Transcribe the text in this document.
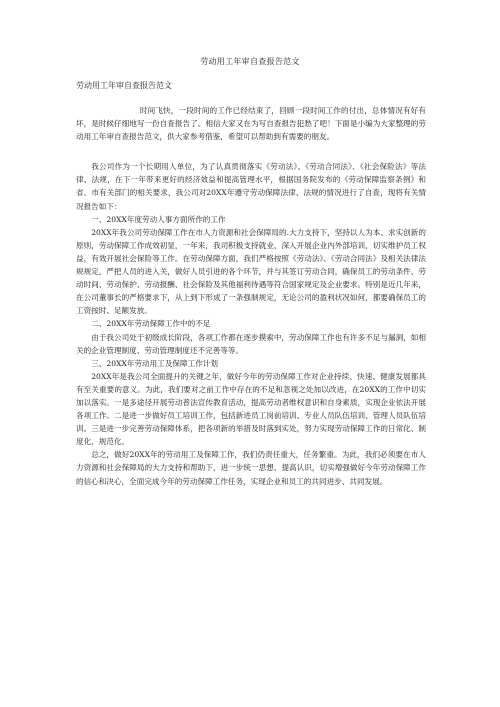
劳动用工年审自查报告范文
劳动用工年审自查报告范文

时间飞快，一段时间的工作已经结束了，回顾一段时间工作的付出，总体情况有好有坏，是时候仔细地写一份自查报告了。相信大家又在为写自查报告犯愁了吧！下面是小编为大家整理的劳动用工年审自查报告范文，供大家参考借鉴，希望可以帮助到有需要的朋友。

我公司作为一个长期用人单位，为了认真贯彻落实《劳动法》、《劳动合同法》、《社会保险法》等法律、法规，在下一年带来更好的经济效益和提高管理水平，根据国务院发布的《劳动保障监察条例》和省、市有关部门的相关要求，我公司对20XX年遵守劳动保障法律、法规的情况进行了自查，现将有关情况报告如下：

一、20XX年度劳动人事方面所作的工作

20XX年我公司劳动保障工作在市人力资源和社会保障局的.大力支持下，坚持以人为本、求实创新的原则，劳动保障工作成效初显，一年来，我司积极支持就业，深入开展企业内外部培训，切实维护员工权益，有效开展社会保险等工作。在劳动保障方面，我们严格按照《劳动法》、《劳动合同法》及相关法律法规规定，严把人员的进入关，做好人员引进的各个环节，并与其签订劳动合同，确保员工的劳动条件、劳动时间、劳动保护、劳动报酬、社会保险及其他福利待遇等符合国家规定及企业要求。特别是近几年来，在公司董事长的严格要求下，从上到下形成了一条强制规定，无论公司的盈利状况如何，都要确保员工的工资按时、足额发放。

二、20XX年劳动保障工作中的不足

由于我公司处于初级成长阶段，各项工作都在逐步摸索中，劳动保障工作也有许多不足与漏洞，如相关的企业管理制度、劳动管理制度还不完善等等。

三、20XX年劳动用工及保障工作计划

20XX年是我公司全面提升的关键之年，做好今年的劳动保障工作对企业持续、快速、健康发展都具有至关重要的意义。为此，我们要对之前工作中存在的不足和忽视之处加以改进，在20XX的工作中切实加以落实。一是多途径开展劳动普法宣传教育活动，提高劳动者维权意识和自身素质，实现企业依法开展各项工作。二是进一步做好员工培训工作，包括新进员工岗前培训、专业人员队伍培训、管理人员队伍培训。三是进一步完善劳动保障体系，把各项新的举措及时落到实处，努力实现劳动保障工作的日常化、制度化、规范化。

总之，做好20XX年的劳动用工及保障工作，我们仍责任重大，任务繁重。为此，我们必须要在市人力资源和社会保障局的大力支持和帮助下，进一步统一思想、提高认识，切实增强做好今年劳动保障工作的信心和决心，全面完成今年的劳动保障工作任务，实现企业和员工的共同进步、共同发展。
